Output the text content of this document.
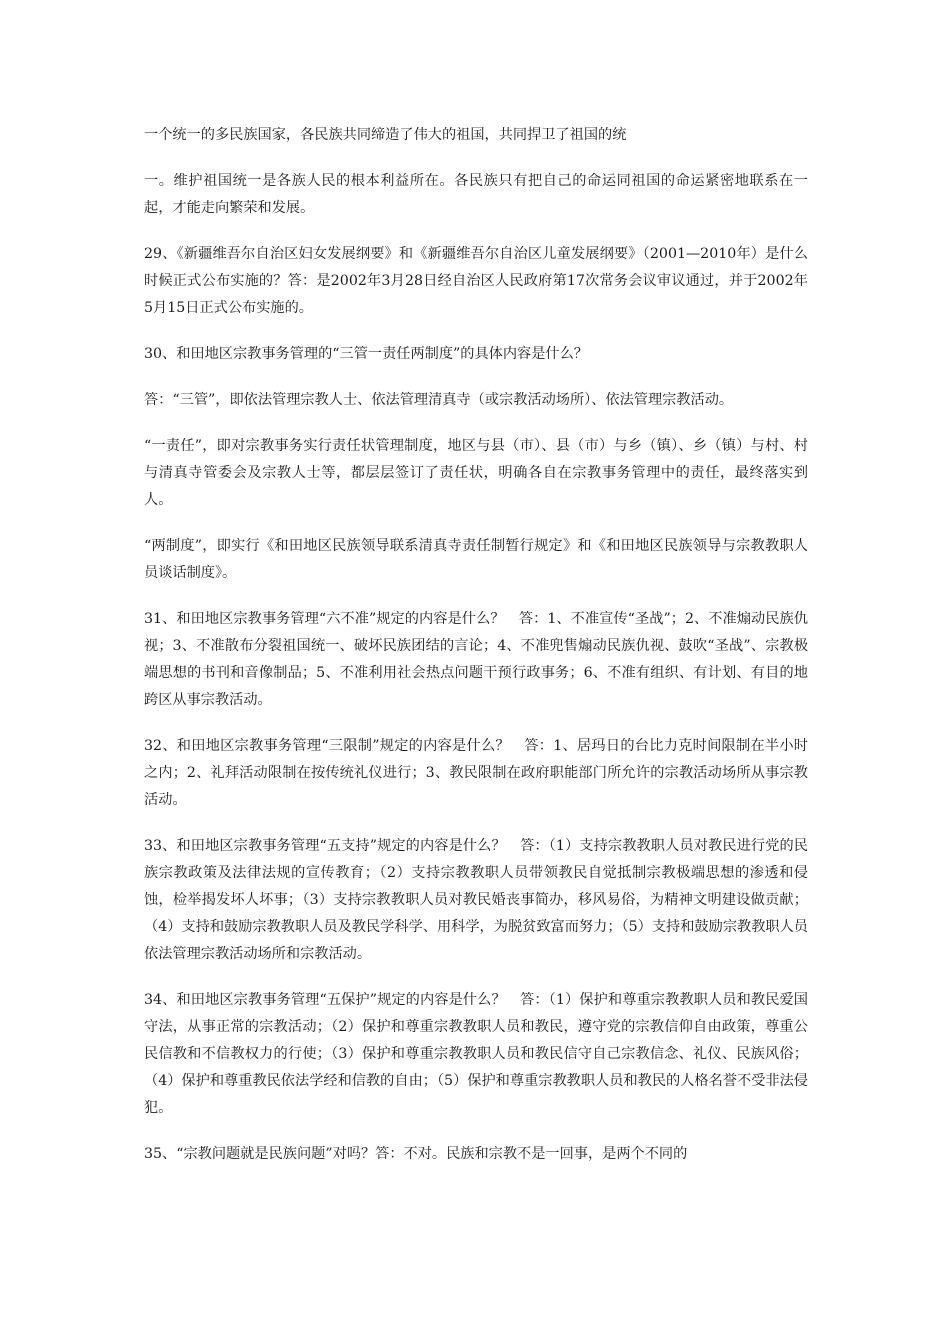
一个统一的多民族国家，各民族共同缔造了伟大的祖国，共同捍卫了祖国的统

一。维护祖国统一是各族人民的根本利益所在。各民族只有把自己的命运同祖国的命运紧密地联系在一起，才能走向繁荣和发展。

29、《新疆维吾尔自治区妇女发展纲要》和《新疆维吾尔自治区儿童发展纲要》（2001—2010年）是什么时候正式公布实施的？答：是2002年3月28日经自治区人民政府第17次常务会议审议通过，并于2002年5月15日正式公布实施的。

30、和田地区宗教事务管理的“三管一责任两制度”的具体内容是什么？

答：“三管”，即依法管理宗教人士、依法管理清真寺（或宗教活动场所）、依法管理宗教活动。

“一责任”，即对宗教事务实行责任状管理制度，地区与县（市）、县（市）与乡（镇）、乡（镇）与村、村与清真寺管委会及宗教人士等，都层层签订了责任状，明确各自在宗教事务管理中的责任，最终落实到人。

“两制度”，即实行《和田地区民族领导联系清真寺责任制暂行规定》和《和田地区民族领导与宗教教职人员谈话制度》。

31、和田地区宗教事务管理“六不准”规定的内容是什么？　答：1、不准宣传“圣战”；2、不准煽动民族仇视；3、不准散布分裂祖国统一、破坏民族团结的言论；4、不准兜售煽动民族仇视、鼓吹“圣战”、宗教极端思想的书刊和音像制品；5、不准利用社会热点问题干预行政事务；6、不准有组织、有计划、有目的地跨区从事宗教活动。

32、和田地区宗教事务管理“三限制”规定的内容是什么？　答：1、居玛日的台比力克时间限制在半小时之内；2、礼拜活动限制在按传统礼仪进行；3、教民限制在政府职能部门所允许的宗教活动场所从事宗教活动。

33、和田地区宗教事务管理“五支持”规定的内容是什么？　答：（1）支持宗教教职人员对教民进行党的民族宗教政策及法律法规的宣传教育；（2）支持宗教教职人员带领教民自觉抵制宗教极端思想的渗透和侵蚀，检举揭发坏人坏事；（3）支持宗教教职人员对教民婚丧事简办，移风易俗，为精神文明建设做贡献；（4）支持和鼓励宗教教职人员及教民学科学、用科学，为脱贫致富而努力；（5）支持和鼓励宗教教职人员依法管理宗教活动场所和宗教活动。

34、和田地区宗教事务管理“五保护”规定的内容是什么？　答：（1）保护和尊重宗教教职人员和教民爱国守法，从事正常的宗教活动；（2）保护和尊重宗教教职人员和教民，遵守党的宗教信仰自由政策，尊重公民信教和不信教权力的行使；（3）保护和尊重宗教教职人员和教民信守自己宗教信念、礼仪、民族风俗；（4）保护和尊重教民依法学经和信教的自由；（5）保护和尊重宗教教职人员和教民的人格名誉不受非法侵犯。

35、“宗教问题就是民族问题”对吗？答：不对。民族和宗教不是一回事，是两个不同的
